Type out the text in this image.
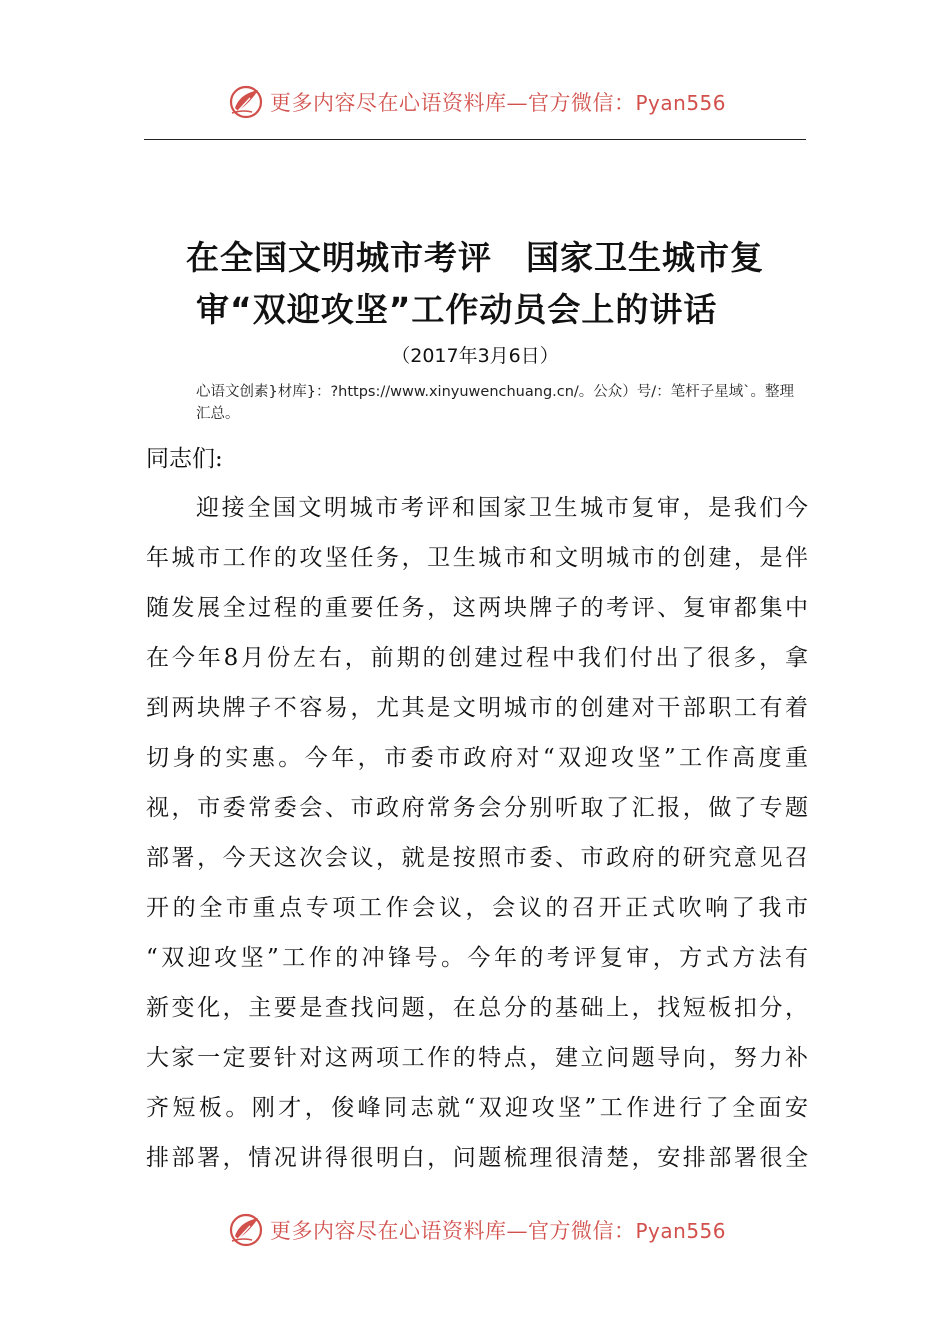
更多内容尽在心语资料库—官方微信：Pyan556
在全国文明城市考评　国家卫生城市复
审“双迎攻坚”工作动员会上的讲话
（2017年3月6日）
心语文创素}材库}：?https://www.xinyuwenchuang.cn/。公众）号/：笔杆子星域`。整理汇总。
同志们:
迎接全国文明城市考评和国家卫生城市复审，是我们今
年城市工作的攻坚任务，卫生城市和文明城市的创建，是伴
随发展全过程的重要任务，这两块牌子的考评、复审都集中
在今年8月份左右，前期的创建过程中我们付出了很多，拿
到两块牌子不容易，尤其是文明城市的创建对干部职工有着
切身的实惠。今年，市委市政府对“双迎攻坚”工作高度重
视，市委常委会、市政府常务会分别听取了汇报，做了专题
部署，今天这次会议，就是按照市委、市政府的研究意见召
开的全市重点专项工作会议，会议的召开正式吹响了我市
“双迎攻坚”工作的冲锋号。今年的考评复审，方式方法有
新变化，主要是查找问题，在总分的基础上，找短板扣分，
大家一定要针对这两项工作的特点，建立问题导向，努力补
齐短板。刚才，俊峰同志就“双迎攻坚”工作进行了全面安
排部署，情况讲得很明白，问题梳理很清楚，安排部署很全
更多内容尽在心语资料库—官方微信：Pyan556
